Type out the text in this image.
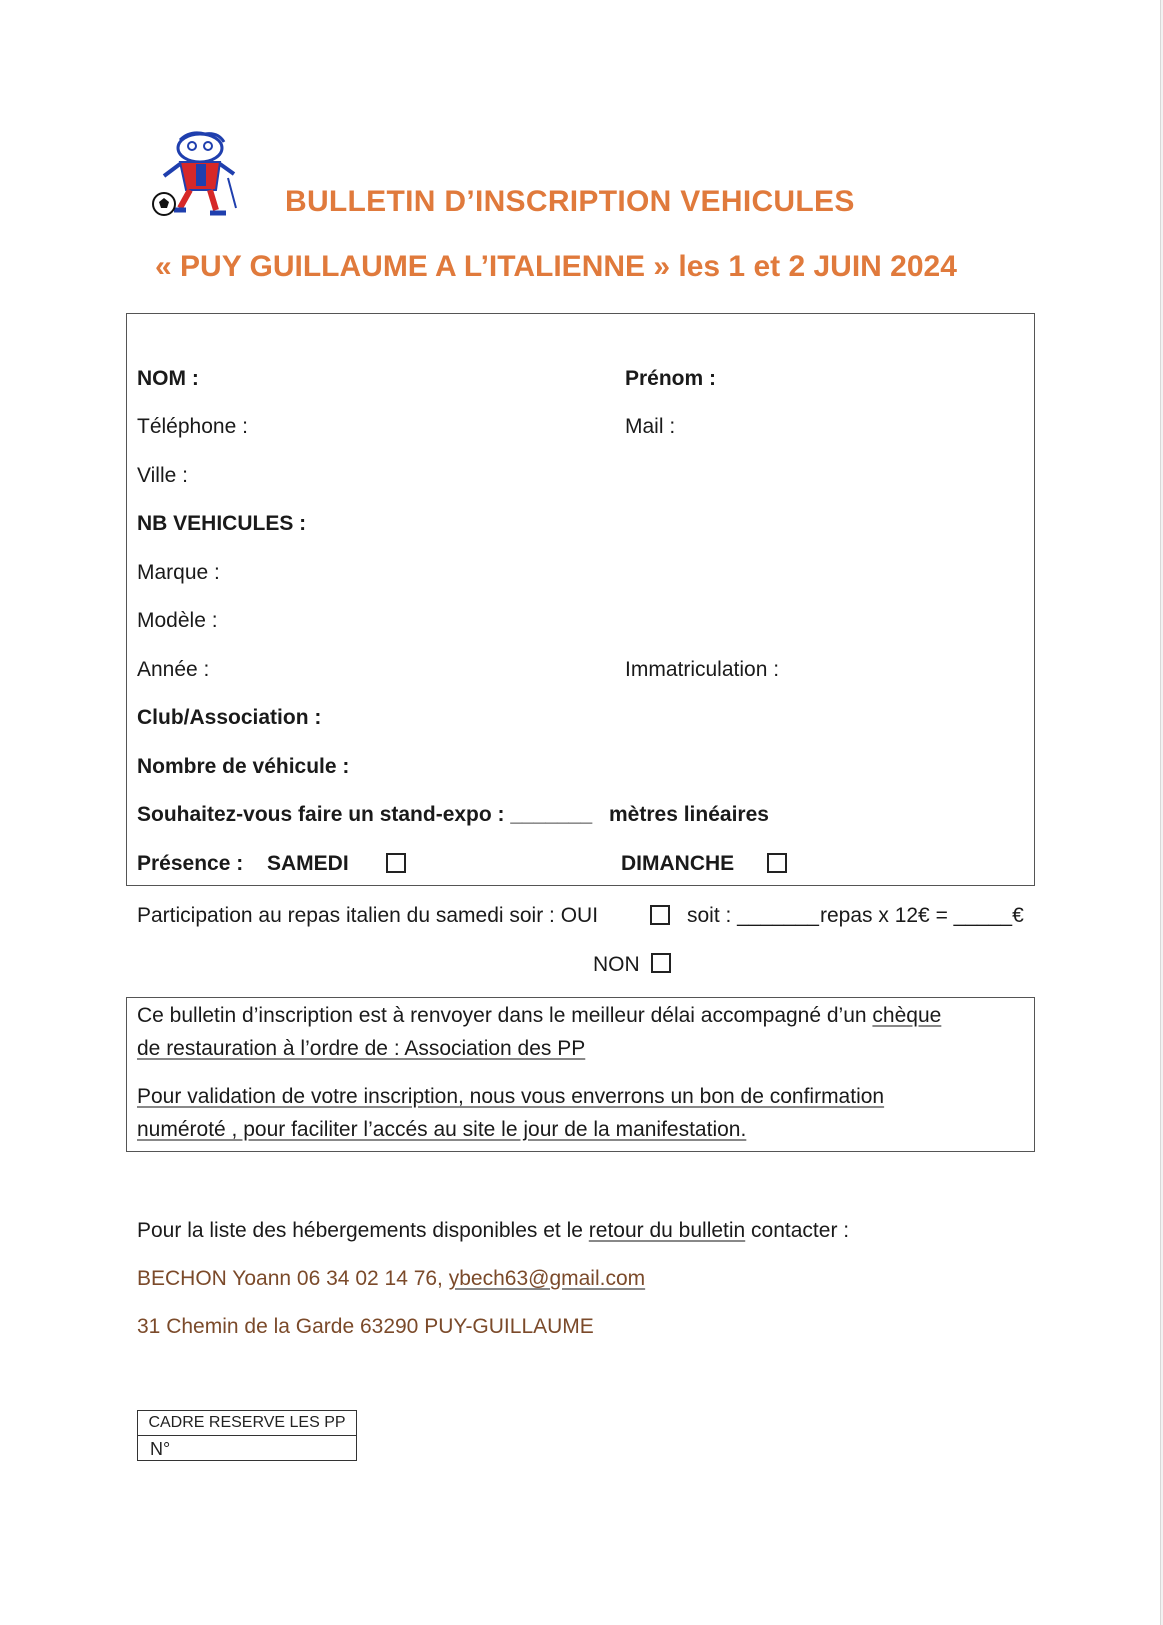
BULLETIN D’INSCRIPTION VEHICULES
« PUY GUILLAUME A L’ITALIENNE » les 1 et 2 JUIN 2024
NOM :	Prénom :
Téléphone :	Mail :
Ville :
NB VEHICULES :
Marque :
Modèle :
Année :	Immatriculation :
Club/Association :
Nombre de véhicule :
Souhaitez-vous faire un stand-expo : _______ mètres linéaires
Présence : SAMEDI	DIMANCHE
Participation au repas italien du samedi soir : OUI	soit : _______ repas x 12€ = _____€
NON
Ce bulletin d’inscription est à renvoyer dans le meilleur délai accompagné d’un chèque
de restauration à l’ordre de : Association des PP
Pour validation de votre inscription, nous vous enverrons un bon de confirmation
numéroté , pour faciliter l’accés au site le jour de la manifestation.
Pour la liste des hébergements disponibles et le retour du bulletin contacter :
BECHON Yoann 06 34 02 14 76, ybech63@gmail.com
31 Chemin de la Garde 63290 PUY-GUILLAUME
CADRE RESERVE LES PP
N°
